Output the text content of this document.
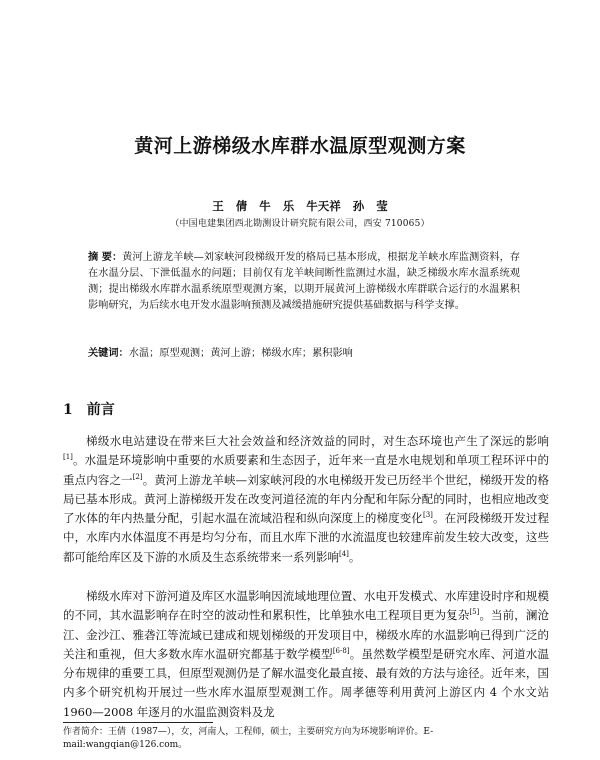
黄河上游梯级水库群水温原型观测方案
王 倩 牛 乐 牛天祥 孙 莹
（中国电建集团西北勘测设计研究院有限公司，西安 710065）
摘 要：黄河上游龙羊峡—刘家峡河段梯级开发的格局已基本形成，根据龙羊峡水库监测资料，存在水温分层、下泄低温水的问题；目前仅有龙羊峡间断性监测过水温，缺乏梯级水库水温系统观测；提出梯级水库群水温系统原型观测方案，以期开展黄河上游梯级水库群联合运行的水温累积影响研究，为后续水电开发水温影响预测及减缓措施研究提供基础数据与科学支撑。
关键词：水温；原型观测；黄河上游；梯级水库；累积影响
1 前言

梯级水电站建设在带来巨大社会效益和经济效益的同时，对生态环境也产生了深远的影响[1]。水温是环境影响中重要的水质要素和生态因子，近年来一直是水电规划和单项工程环评中的重点内容之一[2]。黄河上游龙羊峡—刘家峡河段的水电梯级开发已历经半个世纪，梯级开发的格局已基本形成。黄河上游梯级开发在改变河道径流的年内分配和年际分配的同时，也相应地改变了水体的年内热量分配，引起水温在流域沿程和纵向深度上的梯度变化[3]。在河段梯级开发过程中，水库内水体温度不再是均匀分布，而且水库下泄的水流温度也较建库前发生较大改变，这些都可能给库区及下游的水质及生态系统带来一系列影响[4]。

梯级水库对下游河道及库区水温影响因流域地理位置、水电开发模式、水库建设时序和规模的不同，其水温影响存在时空的波动性和累积性，比单独水电工程项目更为复杂[5]。当前，澜沧江、金沙江、雅砻江等流域已建成和规划梯级的开发项目中，梯级水库的水温影响已得到广泛的关注和重视，但大多数水库水温研究都基于数学模型[6-8]。虽然数学模型是研究水库、河道水温分布规律的重要工具，但原型观测仍是了解水温变化最直接、最有效的方法与途径。近年来，国内多个研究机构开展过一些水库水温原型观测工作。周孝德等利用黄河上游区内 4 个水文站 1960—2008 年逐月的水温监测资料及龙

作者简介：王倩（1987—），女，河南人，工程师，硕士，主要研究方向为环境影响评价。E-mail:wangqian@126.com。
